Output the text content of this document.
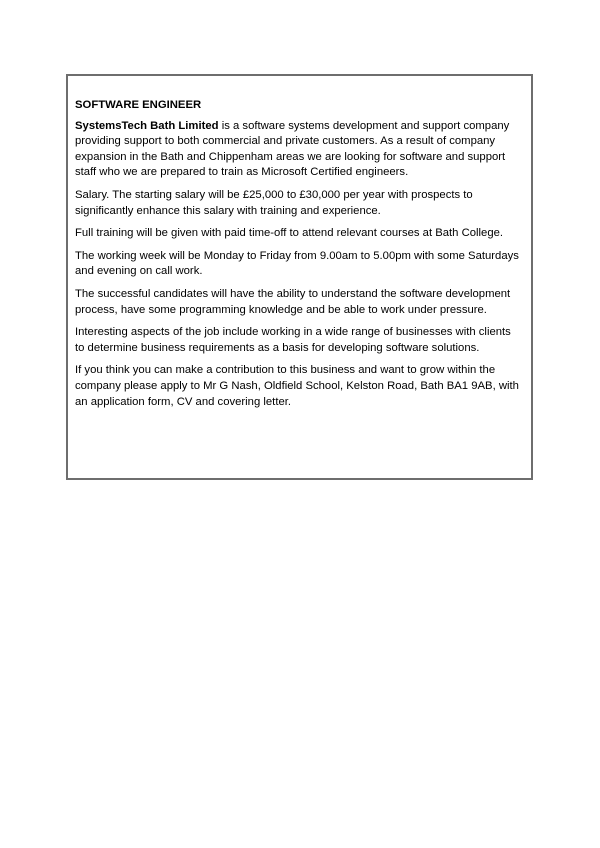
SOFTWARE ENGINEER

SystemsTech Bath Limited is a software systems development and support company providing support to both commercial and private customers. As a result of company expansion in the Bath and Chippenham areas we are looking for software and support staff who we are prepared to train as Microsoft Certified engineers.

Salary. The starting salary will be £25,000 to £30,000 per year with prospects to significantly enhance this salary with training and experience.

Full training will be given with paid time-off to attend relevant courses at Bath College.

The working week will be Monday to Friday from 9.00am to 5.00pm with some Saturdays and evening on call work.

The successful candidates will have the ability to understand the software development process, have some programming knowledge and be able to work under pressure.

Interesting aspects of the job include working in a wide range of businesses with clients to determine business requirements as a basis for developing software solutions.

If you think you can make a contribution to this business and want to grow within the company please apply to Mr G Nash, Oldfield School, Kelston Road, Bath BA1 9AB, with an application form, CV and covering letter.
